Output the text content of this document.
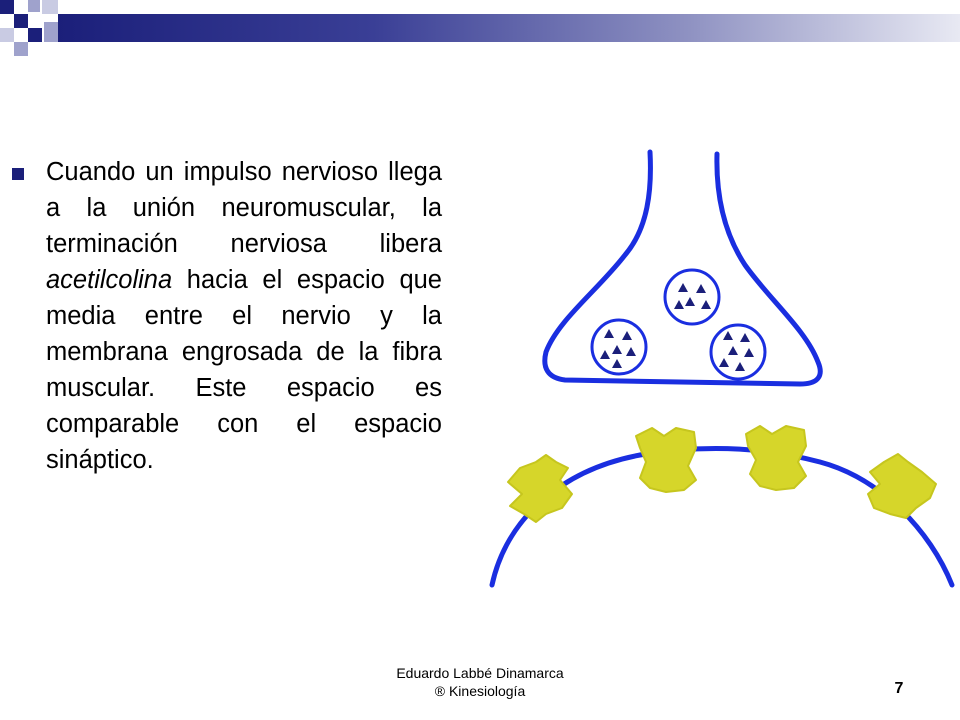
Cuando un impulso nervioso llega a la unión neuromuscular, la terminación nerviosa libera acetilcolina hacia el espacio que media entre el nervio y la membrana engrosada de la fibra muscular. Este espacio es comparable con el espacio sináptico.
Eduardo Labbé Dinamarca
® Kinesiología	7
